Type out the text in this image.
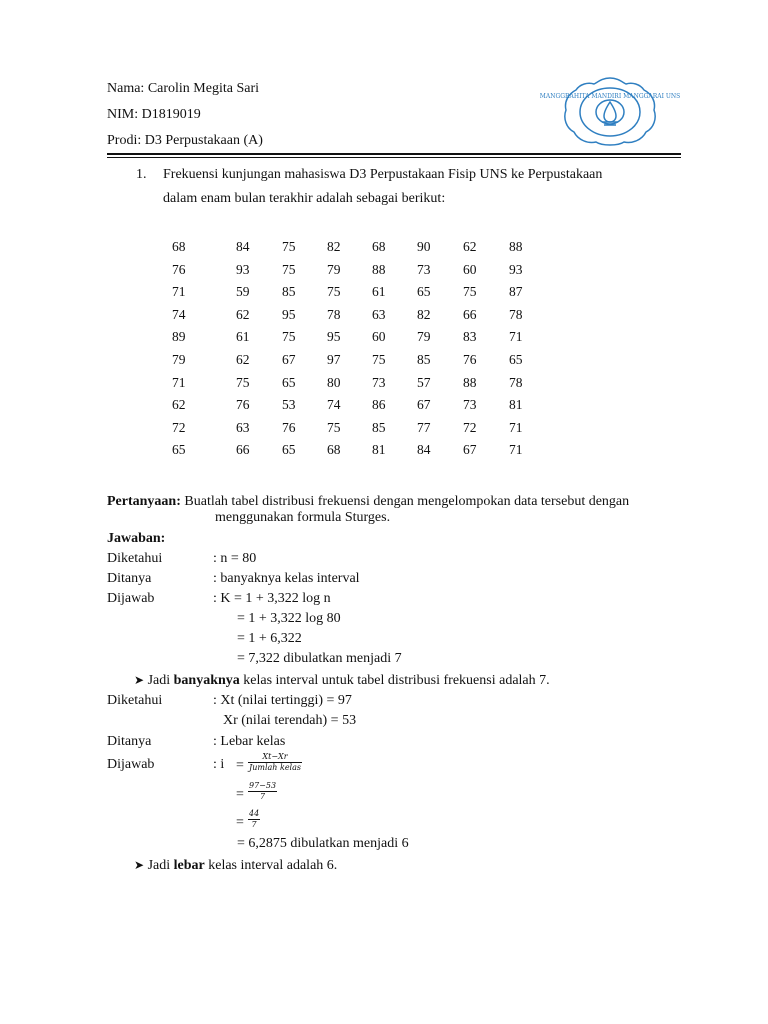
Nama: Carolin Megita Sari
NIM: D1819019
Prodi: D3 Perpustakaan (A)
MANGGRAHITA MANDIRI MANGGARAI UNS
1. Frekuensi kunjungan mahasiswa D3 Perpustakaan Fisip UNS ke Perpustakaan
dalam enam bulan terakhir adalah sebagai berikut:
68	84	75	82	68	90	62	88
76	93	75	79	88	73	60	93
71	59	85	75	61	65	75	87
74	62	95	78	63	82	66	78
89	61	75	95	60	79	83	71
79	62	67	97	75	85	76	65
71	75	65	80	73	57	88	78
62	76	53	74	86	67	73	81
72	63	76	75	85	77	72	71
65	66	65	68	81	84	67	71
Pertanyaan: Buatlah tabel distribusi frekuensi dengan mengelompokan data tersebut dengan
menggunakan formula Sturges.
Jawaban:
Diketahui	: n = 80
Ditanya	: banyaknya kelas interval
Dijawab	: K = 1 + 3,322 log n
= 1 + 3,322 log 80
= 1 + 6,322
= 7,322 dibulatkan menjadi 7
➤ Jadi banyaknya kelas interval untuk tabel distribusi frekuensi adalah 7.
Diketahui	: Xt (nilai tertinggi) = 97
Xr (nilai terendah) = 53
Ditanya	: Lebar kelas
Dijawab	: i =
Xt−Xr
Jumlah kelas
=
97−53
7
=
44
7
= 6,2875 dibulatkan menjadi 6
➤ Jadi lebar kelas interval adalah 6.
